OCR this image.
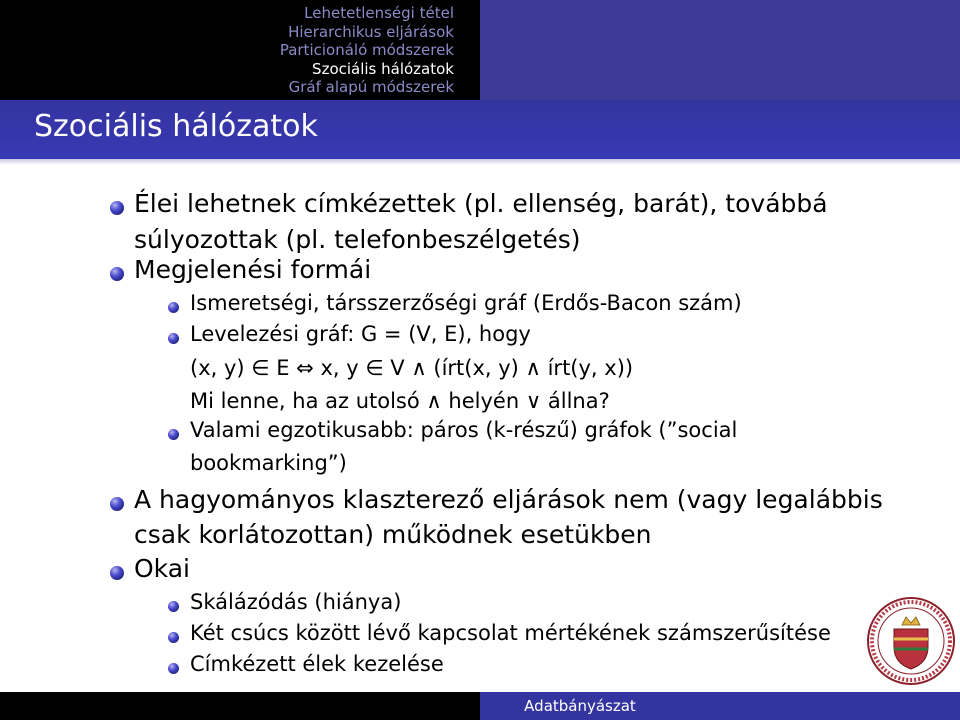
Lehetetlenségi tétel
Hierarchikus eljárások
Particionáló módszerek
Szociális hálózatok
Gráf alapú módszerek
Szociális hálózatok
Élei lehetnek címkézettek (pl. ellenség, barát), továbbá
súlyozottak (pl. telefonbeszélgetés)
Megjelenési formái
Ismeretségi, társszerzőségi gráf (Erdős-Bacon szám)
Levelezési gráf: G = (V, E), hogy
(x, y) ∈ E ⇔ x, y ∈ V ∧ (írt(x, y) ∧ írt(y, x))
Mi lenne, ha az utolsó ∧ helyén ∨ állna?
Valami egzotikusabb: páros (k-részű) gráfok (”social
bookmarking”)
A hagyományos klaszterező eljárások nem (vagy legalábbis
csak korlátozottan) működnek esetükben
Okai
Skálázódás (hiánya)
Két csúcs között lévő kapcsolat mértékének számszerűsítése
Címkézett élek kezelése
Adatbányászat
